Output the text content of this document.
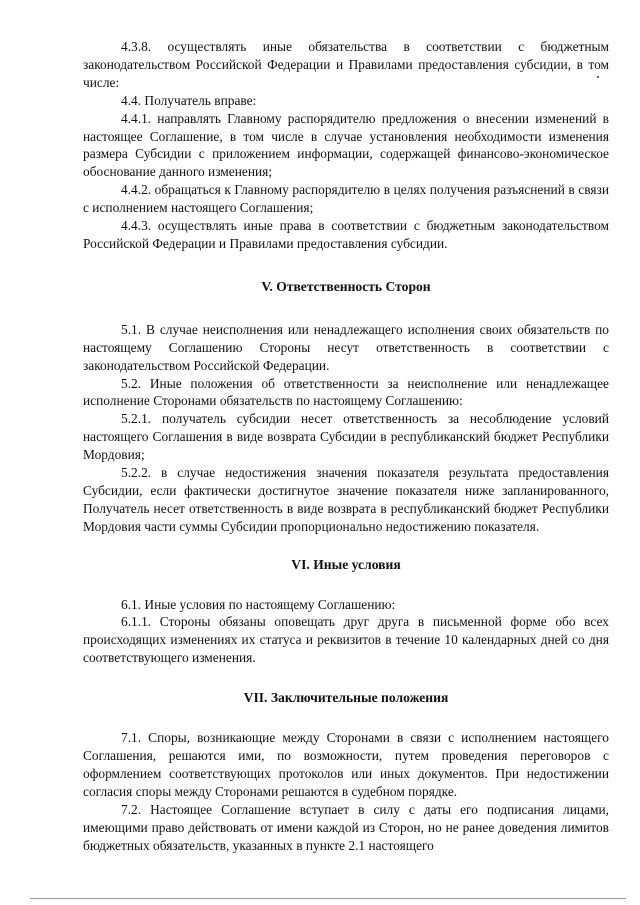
4.3.8. осуществлять иные обязательства в соответствии с бюджетным законодательством Российской Федерации и Правилами предоставления субсидии, в том числе:

4.4. Получатель вправе:

4.4.1. направлять Главному распорядителю предложения о внесении изменений в настоящее Соглашение, в том числе в случае установления необходимости изменения размера Субсидии с приложением информации, содержащей финансово-экономическое обоснование данного изменения;

4.4.2. обращаться к Главному распорядителю в целях получения разъяснений в связи с исполнением настоящего Соглашения;

4.4.3. осуществлять иные права в соответствии с бюджетным законодательством Российской Федерации и Правилами предоставления субсидии.

V. Ответственность Сторон

5.1. В случае неисполнения или ненадлежащего исполнения своих обязательств по настоящему Соглашению Стороны несут ответственность в соответствии с законодательством Российской Федерации.

5.2. Иные положения об ответственности за неисполнение или ненадлежащее исполнение Сторонами обязательств по настоящему Соглашению:

5.2.1. получатель субсидии несет ответственность за несоблюдение условий настоящего Соглашения в виде возврата Субсидии в республиканский бюджет Республики Мордовия;

5.2.2. в случае недостижения значения показателя результата предоставления Субсидии, если фактически достигнутое значение показателя ниже запланированного, Получатель несет ответственность в виде возврата в республиканский бюджет Республики Мордовия части суммы Субсидии пропорционально недостижению показателя.

VI. Иные условия

6.1. Иные условия по настоящему Соглашению:

6.1.1. Стороны обязаны оповещать друг друга в письменной форме обо всех происходящих изменениях их статуса и реквизитов в течение 10 календарных дней со дня соответствующего изменения.

VII. Заключительные положения

7.1. Споры, возникающие между Сторонами в связи с исполнением настоящего Соглашения, решаются ими, по возможности, путем проведения переговоров с оформлением соответствующих протоколов или иных документов. При недостижении согласия споры между Сторонами решаются в судебном порядке.

7.2. Настоящее Соглашение вступает в силу с даты его подписания лицами, имеющими право действовать от имени каждой из Сторон, но не ранее доведения лимитов бюджетных обязательств, указанных в пункте 2.1 настоящего
